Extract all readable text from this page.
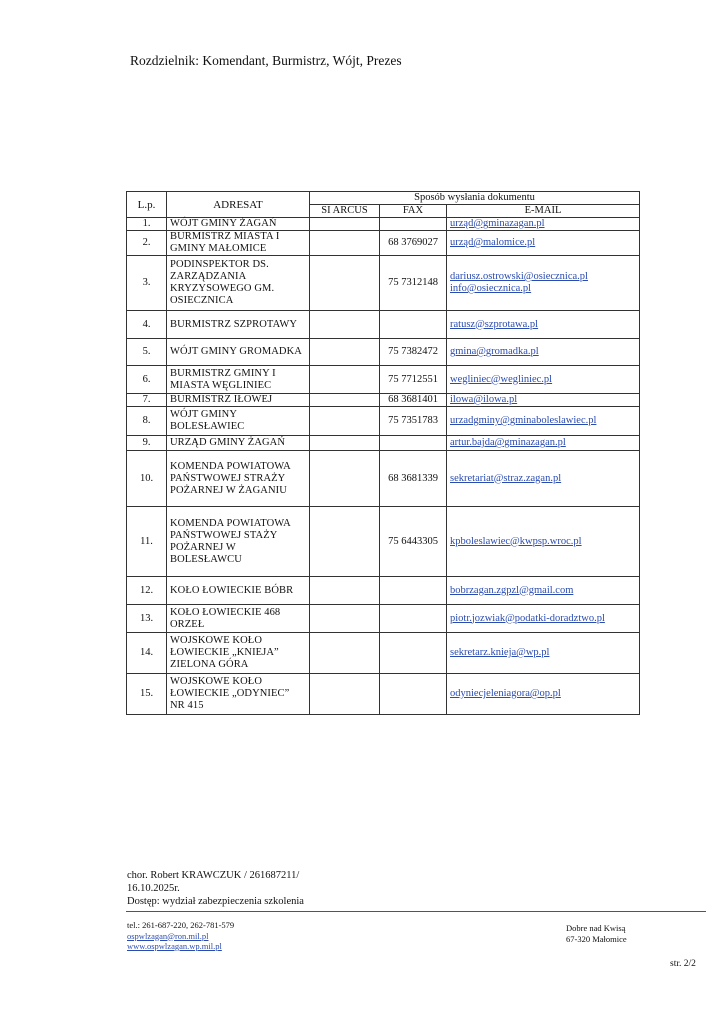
Rozdzielnik: Komendant, Burmistrz, Wójt, Prezes
L.p.	ADRESAT	Sposób wysłania dokumentu		
		SI ARCUS	FAX	E-MAIL
1.	WÓJT GMINY ŻAGAŃ			urząd@gminazagan.pl

2.	BURMISTRZ MIASTA I GMINY MAŁOMICE		68 3769027	urząd@malomice.pl

3.	PODINSPEKTOR DS. ZARZĄDZANIA KRYZYSOWEGO GM. OSIECZNICA		75 7312148	dariusz.ostrowski@osiecznica.pl
info@osiecznica.pl

4.	BURMISTRZ SZPROTAWY			ratusz@szprotawa.pl

5.	WÓJT GMINY GROMADKA		75 7382472	gmina@gromadka.pl

6.	BURMISTRZ GMINY I MIASTA WĘGLINIEC		75 7712551	wegliniec@wegliniec.pl

7.	BURMISTRZ IŁOWEJ		68 3681401	ilowa@ilowa.pl

8.	WÓJT GMINY BOLESŁAWIEC		75 7351783	urzadgminy@gminaboleslawiec.pl

9.	URZĄD GMINY ŻAGAŃ			artur.bajda@gminazagan.pl

10.	KOMENDA POWIATOWA PAŃSTWOWEJ STRAŻY POŻARNEJ W ŻAGANIU		68 3681339	sekretariat@straz.zagan.pl

11.	KOMENDA POWIATOWA PAŃSTWOWEJ STAŻY POŻARNEJ W BOLESŁAWCU		75 6443305	kpboleslawiec@kwpsp.wroc.pl

12.	KOŁO ŁOWIECKIE BÓBR			bobrzagan.zgpzl@gmail.com

13.	KOŁO ŁOWIECKIE 468 ORZEŁ			piotr.jozwiak@podatki-doradztwo.pl

14.	WOJSKOWE KOŁO ŁOWIECKIE „KNIEJA” ZIELONA GÓRA			sekretarz.knieja@wp.pl

15.	WOJSKOWE KOŁO ŁOWIECKIE „ODYNIEC” NR 415			odyniecjeleniagora@op.pl
chor. Robert KRAWCZUK / 261687211/
16.10.2025r.
Dostęp: wydział zabezpieczenia szkolenia
tel.: 261-687-220, 262-781-579
ospwlzagan@ron.mil.pl
www.ospwlzagan.wp.mil.pl
Dobre nad Kwisą
67-320 Małomice
str. 2/2
